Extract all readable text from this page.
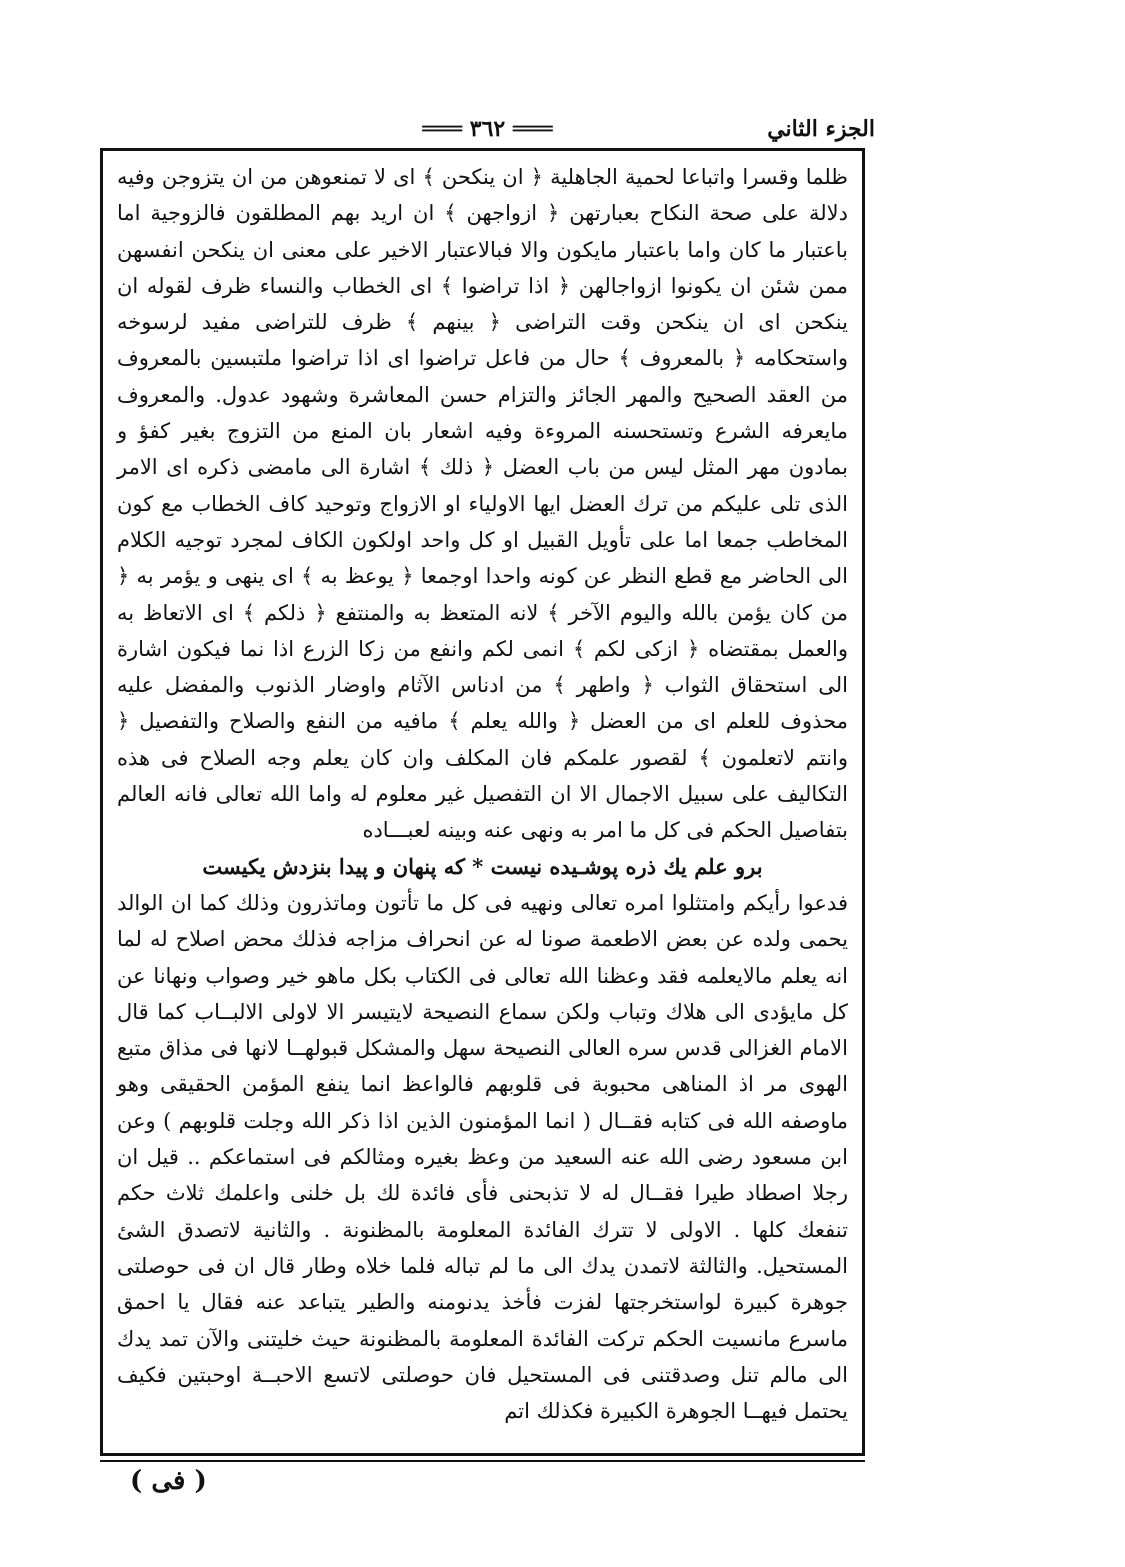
الجزء الثاني
═══ ٣٦٢ ═══

ظلما وقسرا واتباعا لحمية الجاهلية ﴿ ان ينكحن ﴾ اى لا تمنعوهن من ان يتزوجن وفيه دلالة على صحة النكاح بعبارتهن ﴿ ازواجهن ﴾ ان اريد بهم المطلقون فالزوجية اما باعتبار ما كان واما باعتبار مايكون والا فبالاعتبار الاخير على معنى ان ينكحن انفسهن ممن شئن ان يكونوا ازواجالهن ﴿ اذا تراضوا ﴾ اى الخطاب والنساء ظرف لقوله ان ينكحن اى ان ينكحن وقت التراضى ﴿ بينهم ﴾ ظرف للتراضى مفيد لرسوخه واستحكامه ﴿ بالمعروف ﴾ حال من فاعل تراضوا اى اذا تراضوا ملتبسين بالمعروف من العقد الصحيح والمهر الجائز والتزام حسن المعاشرة وشهود عدول. والمعروف مايعرفه الشرع وتستحسنه المروءة وفيه اشعار بان المنع من التزوج بغير كفؤ و بمادون مهر المثل ليس من باب العضل ﴿ ذلك ﴾ اشارة الى مامضى ذكره اى الامر الذى تلى عليكم من ترك العضل ايها الاولياء او الازواج وتوحيد كاف الخطاب مع كون المخاطب جمعا اما على تأويل القبيل او كل واحد اولكون الكاف لمجرد توجيه الكلام الى الحاضر مع قطع النظر عن كونه واحدا اوجمعا ﴿ يوعظ به ﴾ اى ينهى و يؤمر به ﴿ من كان يؤمن بالله واليوم الآخر ﴾ لانه المتعظ به والمنتفع ﴿ ذلكم ﴾ اى الاتعاظ به والعمل بمقتضاه ﴿ ازكى لكم ﴾ انمى لكم وانفع من زكا الزرع اذا نما فيكون اشارة الى استحقاق الثواب ﴿ واطهر ﴾ من ادناس الآثام واوضار الذنوب والمفضل عليه محذوف للعلم اى من العضل ﴿ والله يعلم ﴾ مافيه من النفع والصلاح والتفصيل ﴿ وانتم لاتعلمون ﴾ لقصور علمكم فان المكلف وان كان يعلم وجه الصلاح فى هذه التكاليف على سبيل الاجمال الا ان التفصيل غير معلوم له واما الله تعالى فانه العالم بتفاصيل الحكم فى كل ما امر به ونهى عنه وبينه لعبـــاده

برو علم يك ذره پوشـيده نيست * كه پنهان و پيدا بنزدش يكيست

فدعوا رأيكم وامتثلوا امره تعالى ونهيه فى كل ما تأتون وماتذرون وذلك كما ان الوالد يحمى ولده عن بعض الاطعمة صونا له عن انحراف مزاجه فذلك محض اصلاح له لما انه يعلم مالايعلمه فقد وعظنا الله تعالى فى الكتاب بكل ماهو خير وصواب ونهانا عن كل مايؤدى الى هلاك وتباب ولكن سماع النصيحة لايتيسر الا لاولى الالبــاب كما قال الامام الغزالى قدس سره العالى النصيحة سهل والمشكل قبولهــا لانها فى مذاق متبع الهوى مر اذ المناهى محبوبة فى قلوبهم فالواعظ انما ينفع المؤمن الحقيقى وهو ماوصفه الله فى كتابه فقــال ( انما المؤمنون الذين اذا ذكر الله وجلت قلوبهم ) وعن ابن مسعود رضى الله عنه السعيد من وعظ بغيره ومثالكم فى استماعكم .. قيل ان رجلا اصطاد طيرا فقــال له لا تذبحنى فأى فائدة لك بل خلنى واعلمك ثلاث حكم تنفعك كلها . الاولى لا تترك الفائدة المعلومة بالمظنونة . والثانية لاتصدق الشئ المستحيل. والثالثة لاتمدن يدك الى ما لم تباله فلما خلاه وطار قال ان فى حوصلتى جوهرة كبيرة لواستخرجتها لفزت فأخذ يدنومنه والطير يتباعد عنه فقال يا احمق ماسرع مانسيت الحكم تركت الفائدة المعلومة بالمظنونة حيث خليتنى والآن تمد يدك الى مالم تنل وصدقتنى فى المستحيل فان حوصلتى لاتسع الاحبــة اوحبتين فكيف يحتمل فيهــا الجوهرة الكبيرة فكذلك اتم

( فى )
